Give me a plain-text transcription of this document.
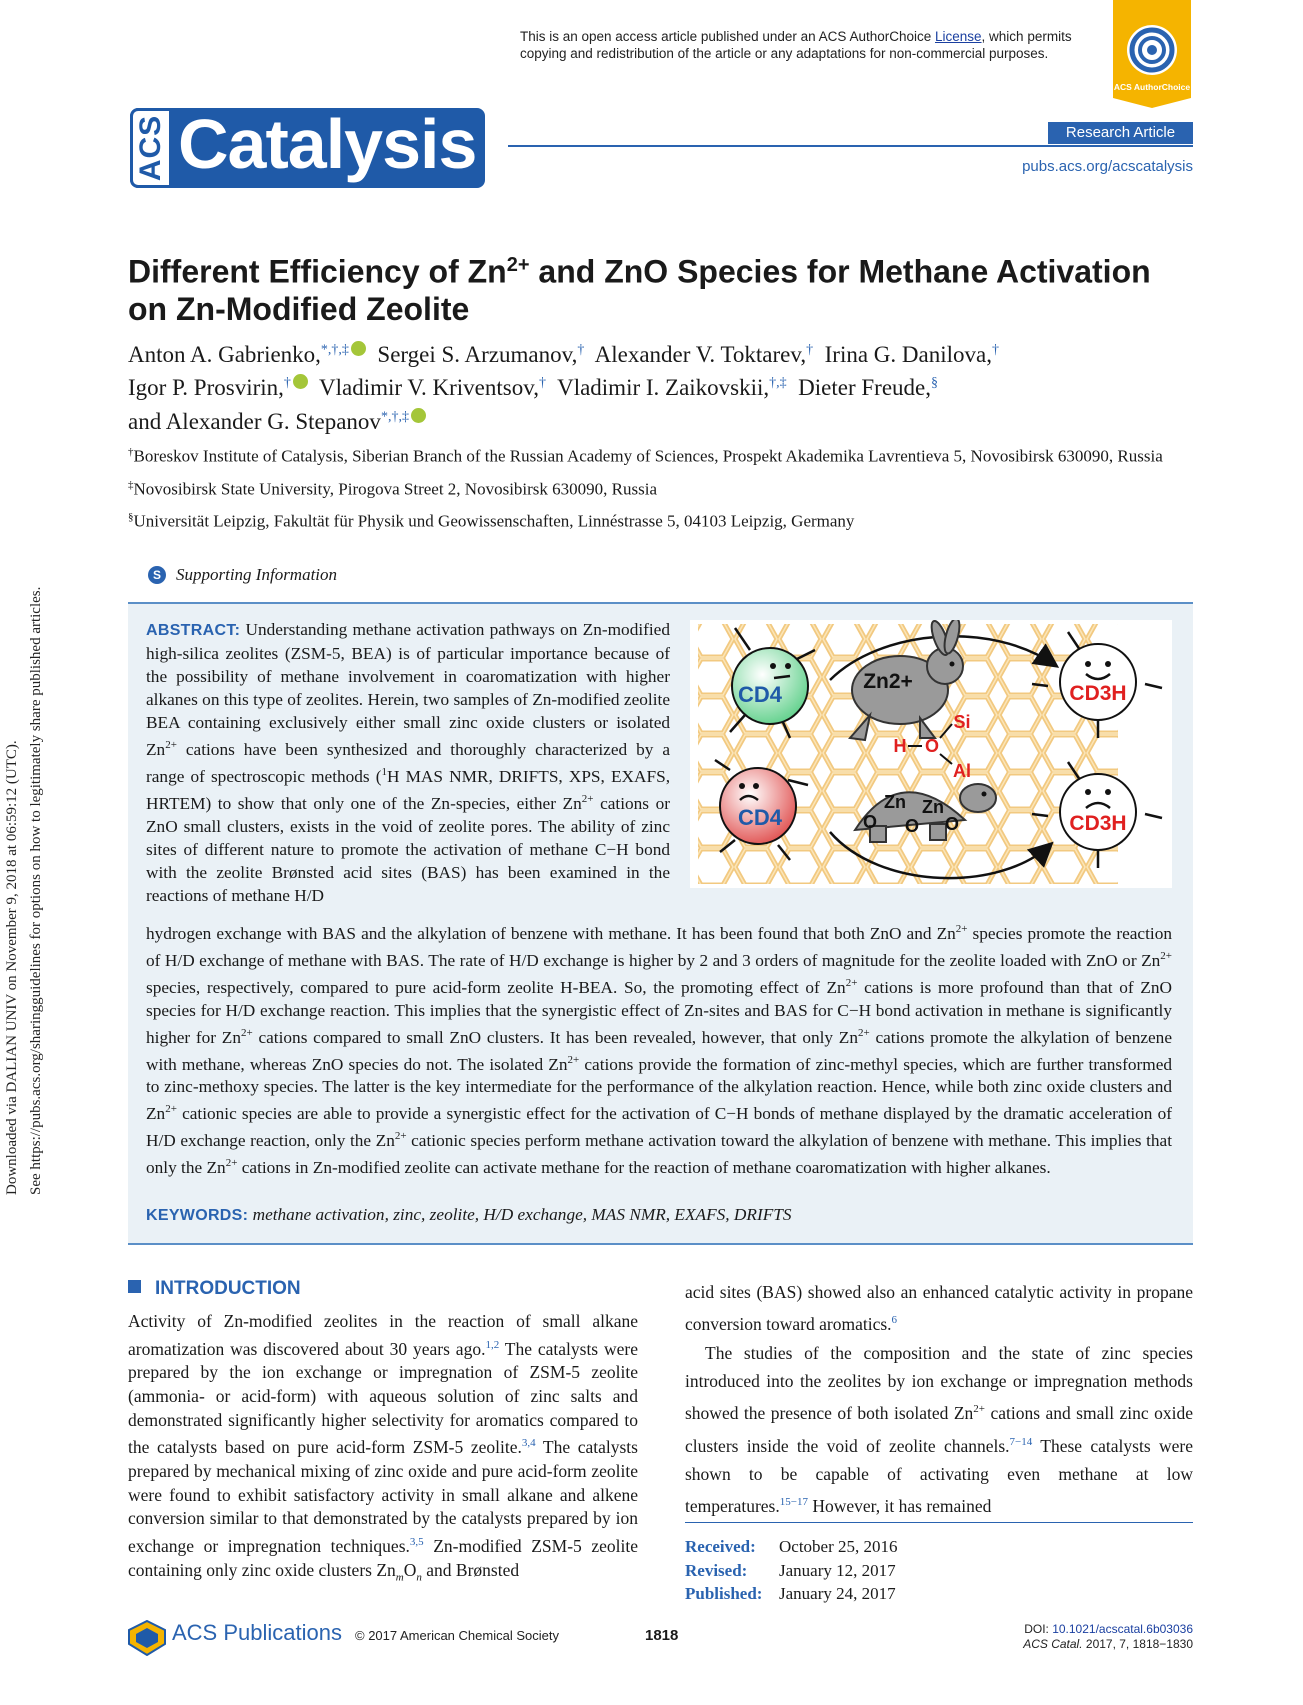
Downloaded via DALIAN UNIV on November 9, 2018 at 06:59:12 (UTC). See https://pubs.acs.org/sharingguidelines for options on how to legitimately share published articles.
This is an open access article published under an ACS AuthorChoice License, which permits copying and redistribution of the article or any adaptations for non-commercial purposes.
ACS AuthorChoice
ACS Catalysis	Research Article
pubs.acs.org/acscatalysis
Different Efficiency of $Zn^{2+}$ and ZnO Species for Methane Activation on Zn-Modified Zeolite
Anton A. Gabrienko,*,†,‡ Sergei S. Arzumanov,† Alexander V. Toktarev,† Irina G. Danilova,†
Igor P. Prosvirin,† Vladimir V. Kriventsov,† Vladimir I. Zaikovskii,†,‡ Dieter Freude,§
and Alexander G. Stepanov*,†,‡

†Boreskov Institute of Catalysis, Siberian Branch of the Russian Academy of Sciences, Prospekt Akademika Lavrentieva 5, Novosibirsk 630090, Russia

‡Novosibirsk State University, Pirogova Street 2, Novosibirsk 630090, Russia

§Universität Leipzig, Fakultät für Physik und Geowissenschaften, Linnéstrasse 5, 04103 Leipzig, Germany

S Supporting Information
ABSTRACT: Understanding methane activation pathways on Zn-modified high-silica zeolites (ZSM-5, BEA) is of particular importance because of the possibility of methane involvement in coaromatization with higher alkanes on this type of zeolites. Herein, two samples of Zn-modified zeolite BEA containing exclusively either small zinc oxide clusters or isolated $Zn^{2+}$ cations have been synthesized and thoroughly characterized by a range of spectroscopic methods ($^1$H MAS NMR, DRIFTS, XPS, EXAFS, HRTEM) to show that only one of the Zn-species, either $Zn^{2+}$ cations or ZnO small clusters, exists in the void of zeolite pores. The ability of zinc sites of different nature to promote the activation of methane C−H bond with the zeolite Brønsted acid sites (BAS) has been examined in the reactions of methane H/D
hydrogen exchange with BAS and the alkylation of benzene with methane. It has been found that both ZnO and $Zn^{2+}$ species promote the reaction of H/D exchange of methane with BAS. The rate of H/D exchange is higher by 2 and 3 orders of magnitude for the zeolite loaded with ZnO or $Zn^{2+}$ species, respectively, compared to pure acid-form zeolite H-BEA. So, the promoting effect of $Zn^{2+}$ cations is more profound than that of ZnO species for H/D exchange reaction. This implies that the synergistic effect of Zn-sites and BAS for C−H bond activation in methane is significantly higher for $Zn^{2+}$ cations compared to small ZnO clusters. It has been revealed, however, that only $Zn^{2+}$ cations promote the alkylation of benzene with methane, whereas ZnO species do not. The isolated $Zn^{2+}$ cations provide the formation of zinc-methyl species, which are further transformed to zinc-methoxy species. The latter is the key intermediate for the performance of the alkylation reaction. Hence, while both zinc oxide clusters and $Zn^{2+}$ cationic species are able to provide a synergistic effect for the activation of C−H bonds of methane displayed by the dramatic acceleration of H/D exchange reaction, only the $Zn^{2+}$ cationic species perform methane activation toward the alkylation of benzene with methane. This implies that only the $Zn^{2+}$ cations in Zn-modified zeolite can activate methane for the reaction of methane coaromatization with higher alkanes.
KEYWORDS: methane activation, zinc, zeolite, H/D exchange, MAS NMR, EXAFS, DRIFTS
CD4
CD4
Zn2+
H O
Si
Al
Zn Zn
O O O
CD3H
CD3H
INTRODUCTION

Activity of Zn-modified zeolites in the reaction of small alkane aromatization was discovered about 30 years ago.$^{1,2}$ The catalysts were prepared by the ion exchange or impregnation of ZSM-5 zeolite (ammonia- or acid-form) with aqueous solution of zinc salts and demonstrated significantly higher selectivity for aromatics compared to the catalysts based on pure acid-form ZSM-5 zeolite.$^{3,4}$ The catalysts prepared by mechanical mixing of zinc oxide and pure acid-form zeolite were found to exhibit satisfactory activity in small alkane and alkene conversion similar to that demonstrated by the catalysts prepared by ion exchange or impregnation techniques.$^{3,5}$ Zn-modified ZSM-5 zeolite containing only zinc oxide clusters $Zn_mO_n$ and Brønsted

acid sites (BAS) showed also an enhanced catalytic activity in propane conversion toward aromatics.$^6$

The studies of the composition and the state of zinc species introduced into the zeolites by ion exchange or impregnation methods showed the presence of both isolated $Zn^{2+}$ cations and small zinc oxide clusters inside the void of zeolite channels.$^{7-14}$ These catalysts were shown to be capable of activating even methane at low temperatures.$^{15-17}$ However, it has remained

Received: October 25, 2016
Revised: January 12, 2017
Published: January 24, 2017
ACS Publications © 2017 American Chemical Society	1818	DOI: 10.1021/acscatal.6b03036
ACS Catal. 2017, 7, 1818−1830
